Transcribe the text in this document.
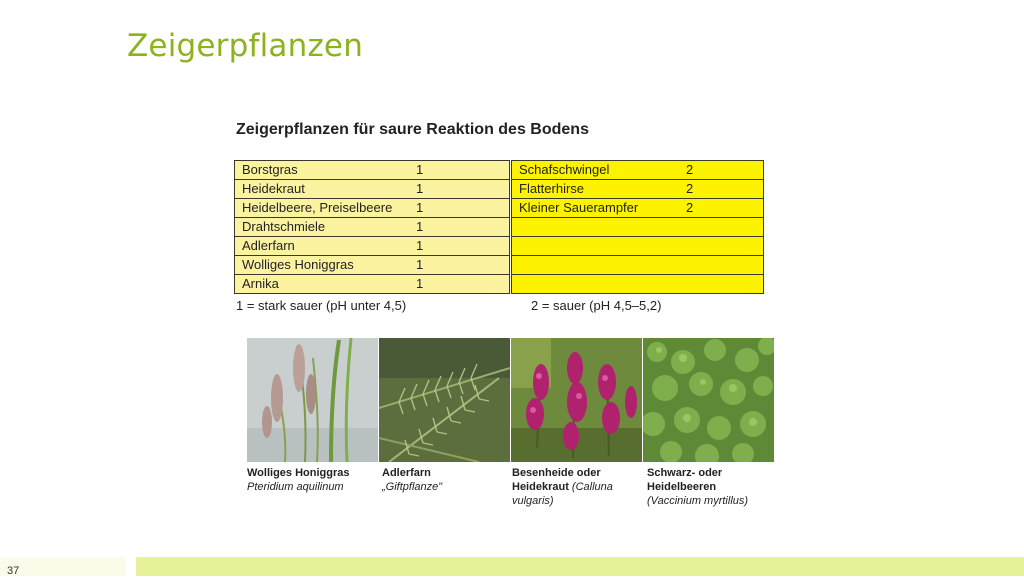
Zeigerpflanzen
Zeigerpflanzen für saure Reaktion des Bodens
Borstgras	1
Heidekraut	1
Heidelbeere, Preiselbeere	1
Drahtschmiele	1
Adlerfarn	1
Wolliges Honiggras	1
Arnika	1
Schafschwingel	2
Flatterhirse	2
Kleiner Sauerampfer	2

1 = stark sauer (pH unter 4,5)	2 = sauer (pH 4,5–5,2)
Wolliges Honiggras
Pteridium aquilinum
Adlerfarn
„Giftpflanze"
Besenheide oder
Heidekraut (Calluna
vulgaris)
Schwarz- oder
Heidelbeeren
(Vaccinium myrtillus)
37
